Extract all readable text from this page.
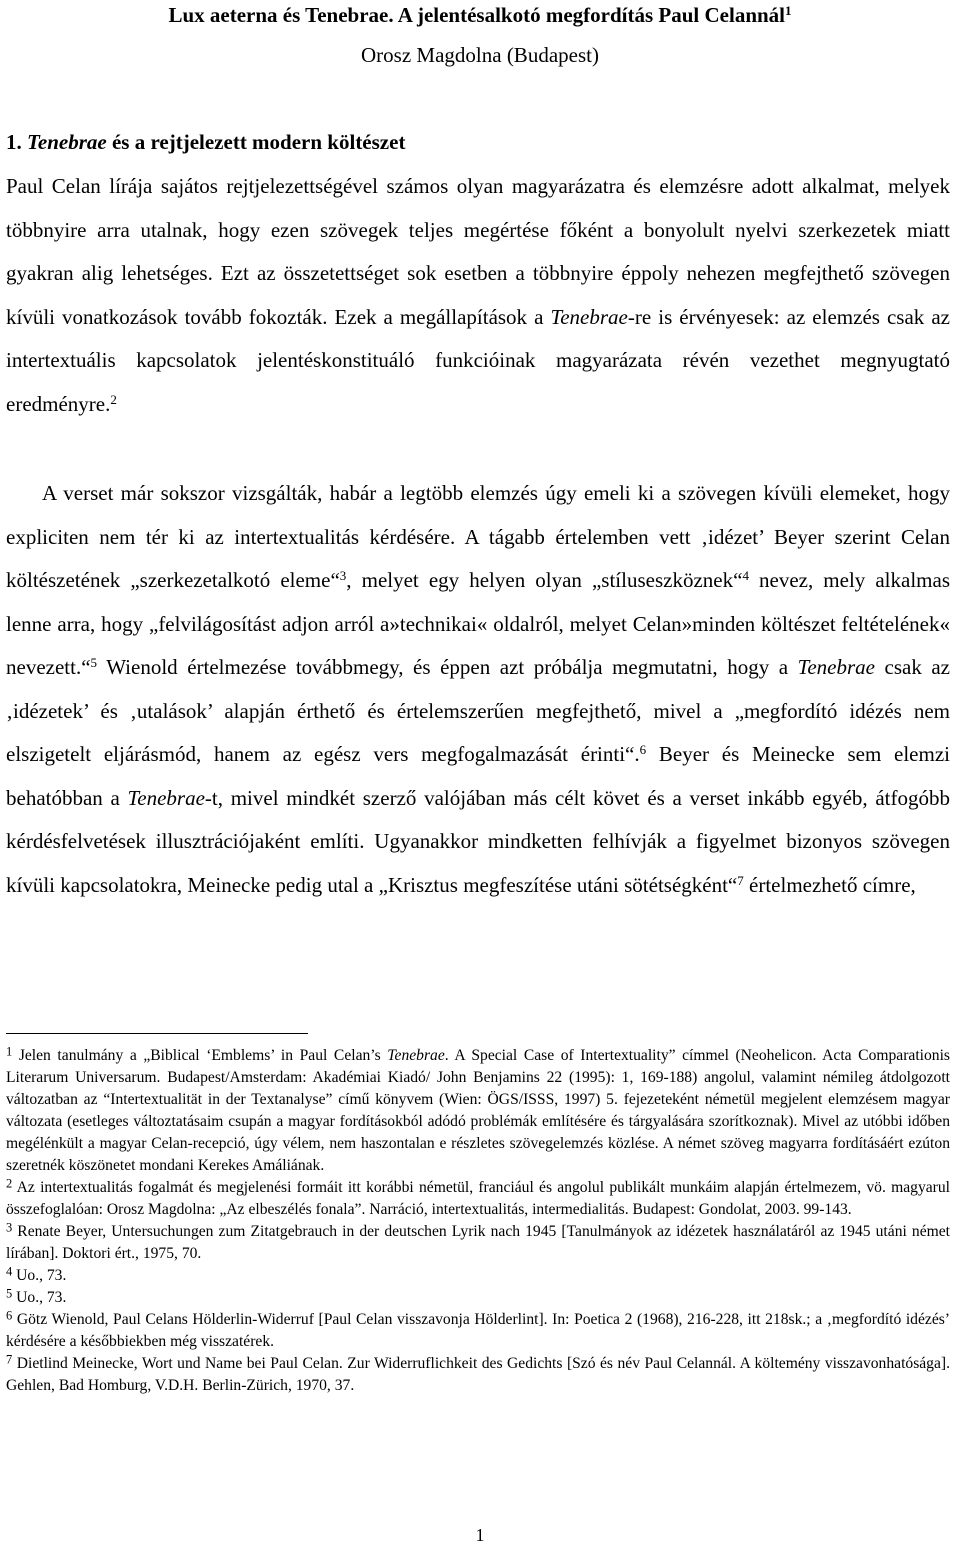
Lux aeterna és Tenebrae. A jelentésalkotó megfordítás Paul Celannál$^1$
Orosz Magdolna (Budapest)
1. Tenebrae és a rejtjelezett modern költészet

Paul Celan lírája sajátos rejtjelezettségével számos olyan magyarázatra és elemzésre adott alkalmat, melyek többnyire arra utalnak, hogy ezen szövegek teljes megértése főként a bonyolult nyelvi szerkezetek miatt gyakran alig lehetséges. Ezt az összetettséget sok esetben a többnyire éppoly nehezen megfejthető szövegen kívüli vonatkozások tovább fokozták. Ezek a megállapítások a Tenebrae-re is érvényesek: az elemzés csak az intertextuális kapcsolatok jelentéskonstituáló funkcióinak magyarázata révén vezethet megnyugtató eredményre.$^2$

A verset már sokszor vizsgálták, habár a legtöbb elemzés úgy emeli ki a szövegen kívüli elemeket, hogy expliciten nem tér ki az intertextualitás kérdésére. A tágabb értelemben vett ‚idézet’ Beyer szerint Celan költészetének „szerkezetalkotó eleme“$^3$, melyet egy helyen olyan „stíluseszköznek“$^4$ nevez, mely alkalmas lenne arra, hogy „felvilágosítást adjon arról a»technikai« oldalról, melyet Celan»minden költészet feltételének« nevezett.“$^5$ Wienold értelmezése továbbmegy, és éppen azt próbálja megmutatni, hogy a Tenebrae csak az ‚idézetek’ és ‚utalások’ alapján érthető és értelemszerűen megfejthető, mivel a „megfordító idézés nem elszigetelt eljárásmód, hanem az egész vers megfogalmazását érinti“.$^6$ Beyer és Meinecke sem elemzi behatóbban a Tenebrae-t, mivel mindkét szerző valójában más célt követ és a verset inkább egyéb, átfogóbb kérdésfelvetések illusztrációjaként említi. Ugyanakkor mindketten felhívják a figyelmet bizonyos szövegen kívüli kapcsolatokra, Meinecke pedig utal a „Krisztus megfeszítése utáni sötétségként“$^7$ értelmezhető címre,

$^1$ Jelen tanulmány a „Biblical ‘Emblems’ in Paul Celan’s Tenebrae. A Special Case of Intertextuality” címmel (Neohelicon. Acta Comparationis Literarum Universarum. Budapest/Amsterdam: Akadémiai Kiadó/ John Benjamins 22 (1995): 1, 169-188) angolul, valamint némileg átdolgozott változatban az “Intertextualität in der Textanalyse” című könyvem (Wien: ÖGS/ISSS, 1997) 5. fejezeteként németül megjelent elemzésem magyar változata (esetleges változtatásaim csupán a magyar fordításokból adódó problémák említésére és tárgyalására szorítkoznak). Mivel az utóbbi időben megélénkült a magyar Celan-recepció, úgy vélem, nem haszontalan e részletes szövegelemzés közlése. A német szöveg magyarra fordításáért ezúton szeretnék köszönetet mondani Kerekes Amáliának.

$^2$ Az intertextualitás fogalmát és megjelenési formáit itt korábbi németül, franciául és angolul publikált munkáim alapján értelmezem, vö. magyarul összefoglalóan: Orosz Magdolna: „Az elbeszélés fonala”. Narráció, intertextualitás, intermedialitás. Budapest: Gondolat, 2003. 99-143.

$^3$ Renate Beyer, Untersuchungen zum Zitatgebrauch in der deutschen Lyrik nach 1945 [Tanulmányok az idézetek használatáról az 1945 utáni német lírában]. Doktori ért., 1975, 70.

$^4$ Uo., 73.

$^5$ Uo., 73.

$^6$ Götz Wienold, Paul Celans Hölderlin-Widerruf [Paul Celan visszavonja Hölderlint]. In: Poetica 2 (1968), 216-228, itt 218sk.; a ‚megfordító idézés’ kérdésére a későbbiekben még visszatérek.

$^7$ Dietlind Meinecke, Wort und Name bei Paul Celan. Zur Widerruflichkeit des Gedichts [Szó és név Paul Celannál. A költemény visszavonhatósága]. Gehlen, Bad Homburg, V.D.H. Berlin-Zürich, 1970, 37.

1
